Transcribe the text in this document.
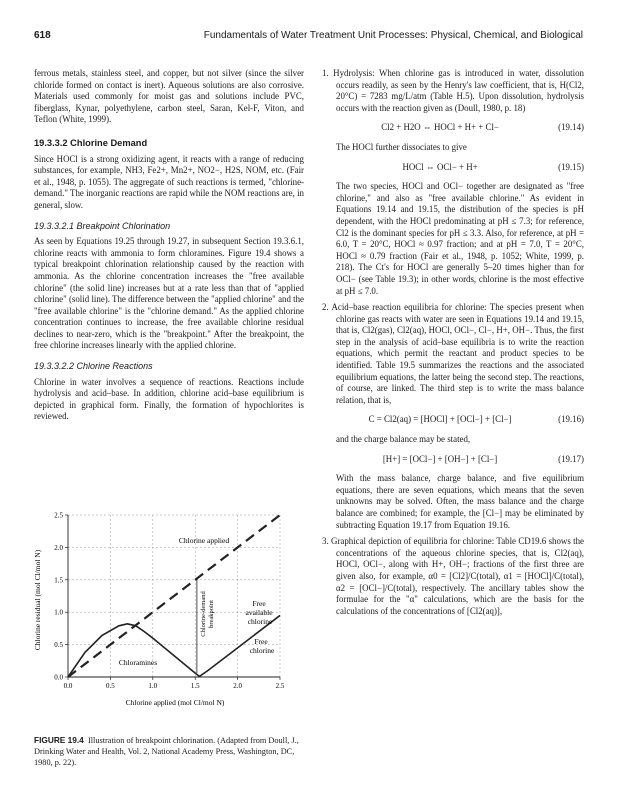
618	Fundamentals of Water Treatment Unit Processes: Physical, Chemical, and Biological

ferrous metals, stainless steel, and copper, but not silver (since the silver chloride formed on contact is inert). Aqueous solutions are also corrosive. Materials used commonly for moist gas and solutions include PVC, fiberglass, Kynar, polyethylene, carbon steel, Saran, Kel-F, Viton, and Teflon (White, 1999).

19.3.3.2 Chlorine Demand

Since HOCl is a strong oxidizing agent, it reacts with a range of reducing substances, for example, NH3, Fe2+, Mn2+, NO2−, H2S, NOM, etc. (Fair et al., 1948, p. 1055). The aggregate of such reactions is termed, "chlorine-demand." The inorganic reactions are rapid while the NOM reactions are, in general, slow.

19.3.3.2.1 Breakpoint Chlorination

As seen by Equations 19.25 through 19.27, in subsequent Section 19.3.6.1, chlorine reacts with ammonia to form chloramines. Figure 19.4 shows a typical breakpoint chlorination relationship caused by the reaction with ammonia. As the chlorine concentration increases the "free available chlorine" (the solid line) increases but at a rate less than that of "applied chlorine" (solid line). The difference between the "applied chlorine" and the "free available chlorine" is the "chlorine demand." As the applied chlorine concentration continues to increase, the free available chlorine residual declines to near-zero, which is the "breakpoint." After the breakpoint, the free chlorine increases linearly with the applied chlorine.

19.3.3.2.2 Chlorine Reactions

Chlorine in water involves a sequence of reactions. Reactions include hydrolysis and acid–base. In addition, chlorine acid–base equilibrium is depicted in graphical form. Finally, the formation of hypochlorites is reviewed.

0.0	0.5	1.0	1.5	2.0	2.5
0.0
0.5
1.0
1.5
2.0
2.5
Chlorine applied
Chloramines
Chlorine-demandbreakpoint	Free available chlorine
Free chlorine
Chlorine applied (mol Cl/mol N)
Chlorine residual (mol Cl/mol N)
FIGURE 19.4 Illustration of breakpoint chlorination. (Adapted from Doull, J., Drinking Water and Health, Vol. 2, National Academy Press, Washington, DC, 1980, p. 22).

1. Hydrolysis: When chlorine gas is introduced in water, dissolution occurs readily, as seen by the Henry's law coefficient, that is, H(Cl2, 20°C) = 7283 mg/L/atm (Table H.5). Upon dissolution, hydrolysis occurs with the reaction given as (Doull, 1980, p. 18)

Cl2 + H2O ⇔ HOCl + H+ + Cl−	(19.14)

The HOCl further dissociates to give

HOCl ⇔ OCl− + H+	(19.15)

The two species, HOCl and OCl− together are designated as "free chlorine," and also as "free available chlorine." As evident in Equations 19.14 and 19.15, the distribution of the species is pH dependent, with the HOCl predominating at pH ≤ 7.3; for reference, Cl2 is the dominant species for pH ≤ 3.3. Also, for reference, at pH = 6.0, T = 20°C, HOCl ≈ 0.97 fraction; and at pH = 7.0, T = 20°C, HOCl ≈ 0.79 fraction (Fair et al., 1948, p. 1052; White, 1999, p. 218). The Ct's for HOCl are generally 5–20 times higher than for OCl− (see Table 19.3); in other words, chlorine is the most effective at pH ≤ 7.0.

2. Acid–base reaction equilibria for chlorine: The species present when chlorine gas reacts with water are seen in Equations 19.14 and 19.15, that is, Cl2(gas), Cl2(aq), HOCl, OCl−, Cl−, H+, OH−. Thus, the first step in the analysis of acid–base equilibria is to write the reaction equations, which permit the reactant and product species to be identified. Table 19.5 summarizes the reactions and the associated equilibrium equations, the latter being the second step. The reactions, of course, are linked. The third step is to write the mass balance relation, that is,

C = Cl2(aq) = [HOCl] + [OCl−] + [Cl−]	(19.16)

and the charge balance may be stated,

[H+] = [OCl−] + [OH−] + [Cl−]	(19.17)

With the mass balance, charge balance, and five equilibrium equations, there are seven equations, which means that the seven unknowns may be solved. Often, the mass balance and the charge balance are combined; for example, the [Cl−] may be eliminated by subtracting Equation 19.17 from Equation 19.16.

3. Graphical depiction of equilibria for chlorine: Table CD19.6 shows the concentrations of the aqueous chlorine species, that is, Cl2(aq), HOCl, OCl−, along with H+, OH−; fractions of the first three are given also, for example, α0 = [Cl2]/C(total), α1 = [HOCl]/C(total), α2 = [OCl−]/C(total), respectively. The ancillary tables show the formulae for the "α" calculations, which are the basis for the calculations of the concentrations of [Cl2(aq)],
